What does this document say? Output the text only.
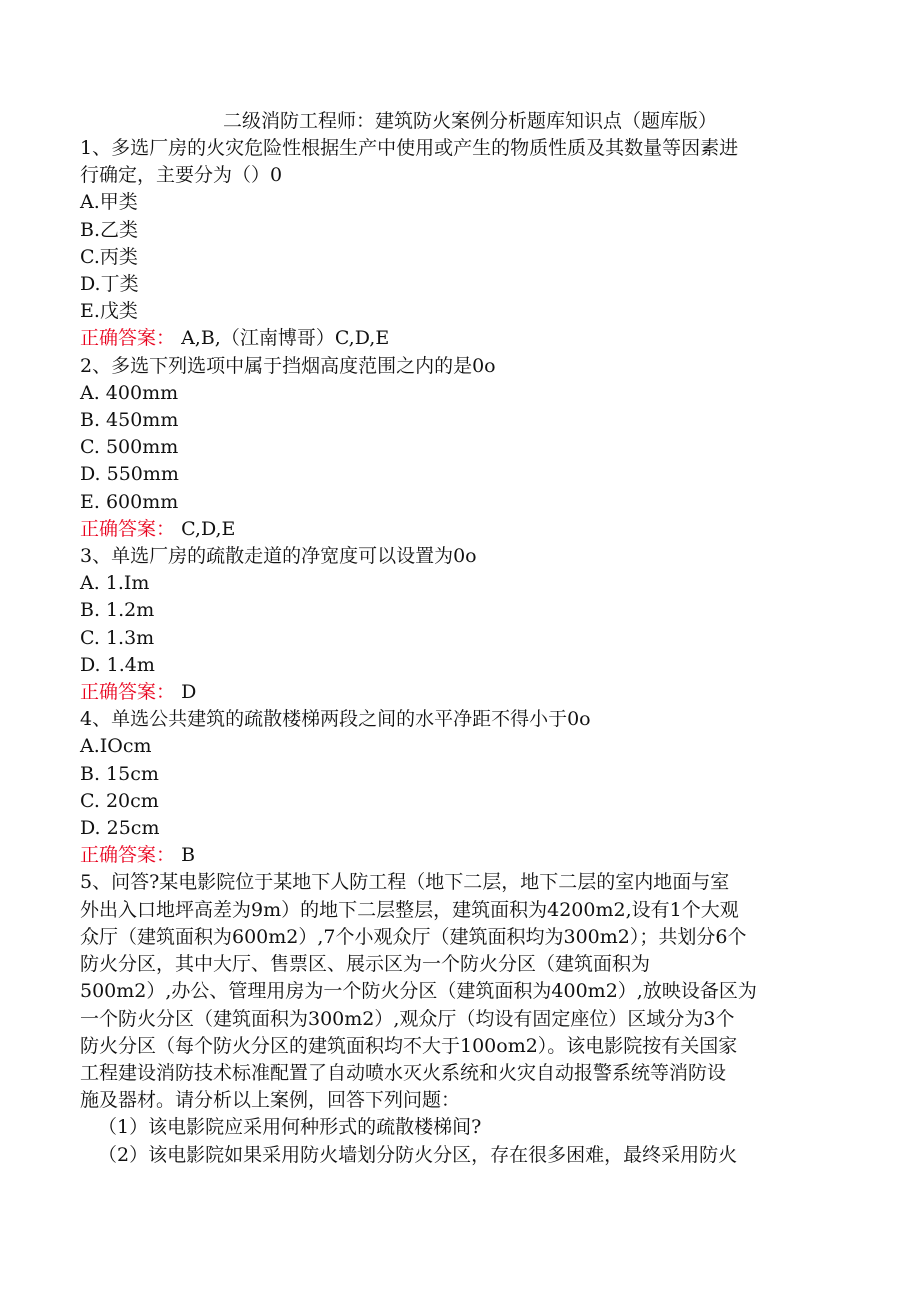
二级消防工程师：建筑防火案例分析题库知识点（题库版）
1、多选厂房的火灾危险性根据生产中使用或产生的物质性质及其数量等因素进
行确定，主要分为（）0
A.甲类
B.乙类
C.丙类
D.丁类
E.戊类
正确答案： A,B,（江南博哥）C,D,E
2、多选下列选项中属于挡烟高度范围之内的是0o
A. 400mm
B. 450mm
C. 500mm
D. 550mm
E. 600mm
正确答案： C,D,E
3、单选厂房的疏散走道的净宽度可以设置为0o
A. 1.Im
B. 1.2m
C. 1.3m
D. 1.4m
正确答案： D
4、单选公共建筑的疏散楼梯两段之间的水平净距不得小于0o
A.IOcm
B. 15cm
C. 20cm
D. 25cm
正确答案： B
5、问答?某电影院位于某地下人防工程（地下二层，地下二层的室内地面与室
外出入口地坪高差为9m）的地下二层整层，建筑面积为4200m2,设有1个大观
众厅（建筑面积为600m2）,7个小观众厅（建筑面积均为300m2）；共划分6个
防火分区，其中大厅、售票区、展示区为一个防火分区（建筑面积为
500m2）,办公、管理用房为一个防火分区（建筑面积为400m2）,放映设备区为
一个防火分区（建筑面积为300m2）,观众厅（均设有固定座位）区域分为3个
防火分区（每个防火分区的建筑面积均不大于100om2）。该电影院按有关国家
工程建设消防技术标准配置了自动喷水灭火系统和火灾自动报警系统等消防设
施及器材。请分析以上案例，回答下列问题：
（1）该电影院应采用何种形式的疏散楼梯间?
（2）该电影院如果采用防火墙划分防火分区，存在很多困难，最终采用防火
